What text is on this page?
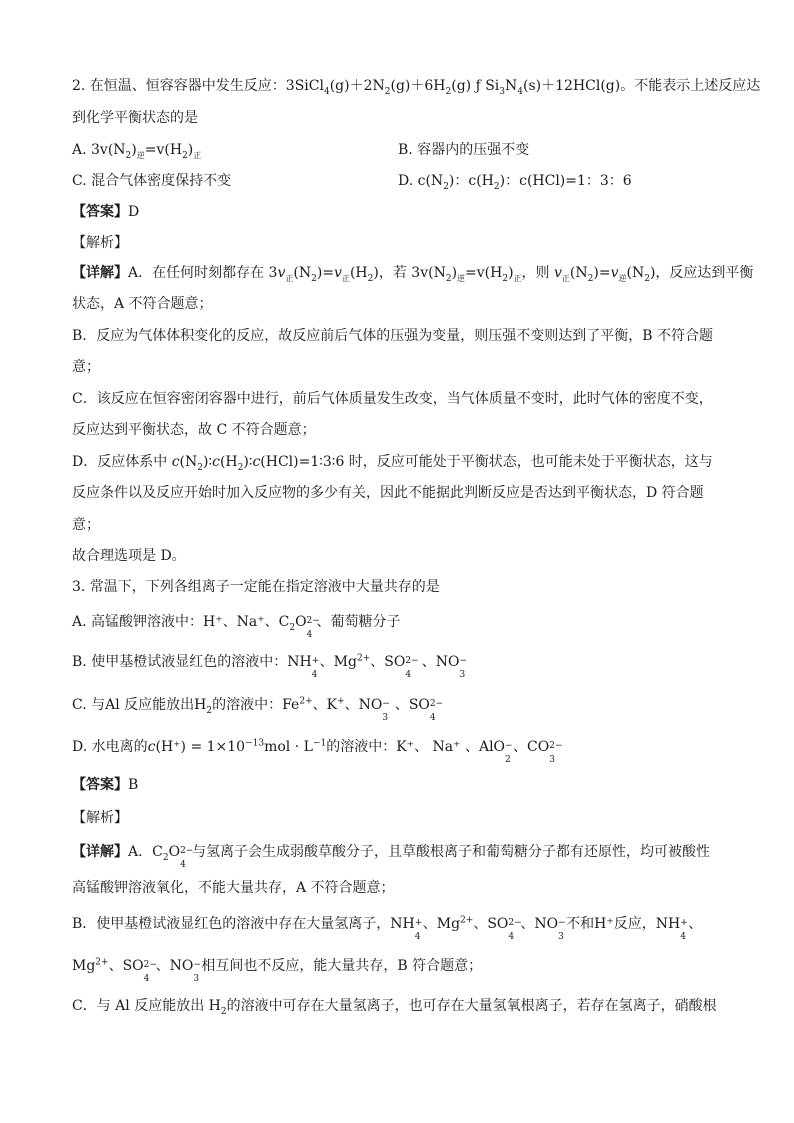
2. 在恒温、恒容容器中发生反应：$3SiCl_4(g)+2N_2(g)+6H_2(g)$ ƒ $Si_3N_4(s)+12HCl(g)$。不能表示上述反应达
到化学平衡状态的是
A. $3v(N_2)_逆=v(H_2)_正$	B. 容器内的压强不变
C. 混合气体密度保持不变	D. $c(N_2)$：$c(H_2)$：c(HCl)=1：3：6
【答案】D
【解析】
【详解】A．在任何时刻都存在 $3v_正(N_2)=v_正(H_2)$，若 $3v(N_2)_逆=v(H_2)_正$，则 $v_正(N_2)=v_逆(N_2)$，反应达到平衡
状态，A 不符合题意；
B．反应为气体体积变化的反应，故反应前后气体的压强为变量，则压强不变则达到了平衡，B 不符合题
意；
C．该反应在恒容密闭容器中进行，前后气体质量发生改变，当气体质量不变时，此时气体的密度不变，
反应达到平衡状态，故 C 不符合题意；
D．反应体系中 $c(N_2)∶c(H_2)∶c(HCl)=1∶3∶6$ 时，反应可能处于平衡状态，也可能未处于平衡状态，这与
反应条件以及反应开始时加入反应物的多少有关，因此不能据此判断反应是否达到平衡状态，D 符合题
意；
故合理选项是 D。
3. 常温下，下列各组离子一定能在指定溶液中大量共存的是
A. 高锰酸钾溶液中：H⁺、Na⁺、$C_2O$ 2−
4
、葡萄糖分子
B. 使甲基橙试液显红色的溶液中：NH +
4
、$Mg^{2+}$、SO 2−
4
、NO −
3
C. 与Al 反应能放出$H_2$的溶液中：$Fe^{2+}$、K+、NO −
3
、SO 2−
4
D. 水电离的$c(H^+) = 1\times 10^{-13}mol \cdot L^{-1}$的溶液中：K⁺、 Na⁺ 、AlO −
2
、CO 2−
3
【答案】B
【解析】
【详解】A．$C_2O$ 2−
4
与氢离子会生成弱酸草酸分子，且草酸根离子和葡萄糖分子都有还原性，均可被酸性
高锰酸钾溶液氧化，不能大量共存，A 不符合题意；
B．使甲基橙试液显红色的溶液中存在大量氢离子，NH +
4
、$Mg^{2+}$、SO 2−
4
、NO −
3
不和H⁺反应，NH +
4
、
$Mg^{2+}$、SO 2−
4
、NO −
3
相互间也不反应，能大量共存，B 符合题意；
C．与 Al 反应能放出 $H_2$的溶液中可存在大量氢离子，也可存在大量氢氧根离子，若存在氢离子，硝酸根
